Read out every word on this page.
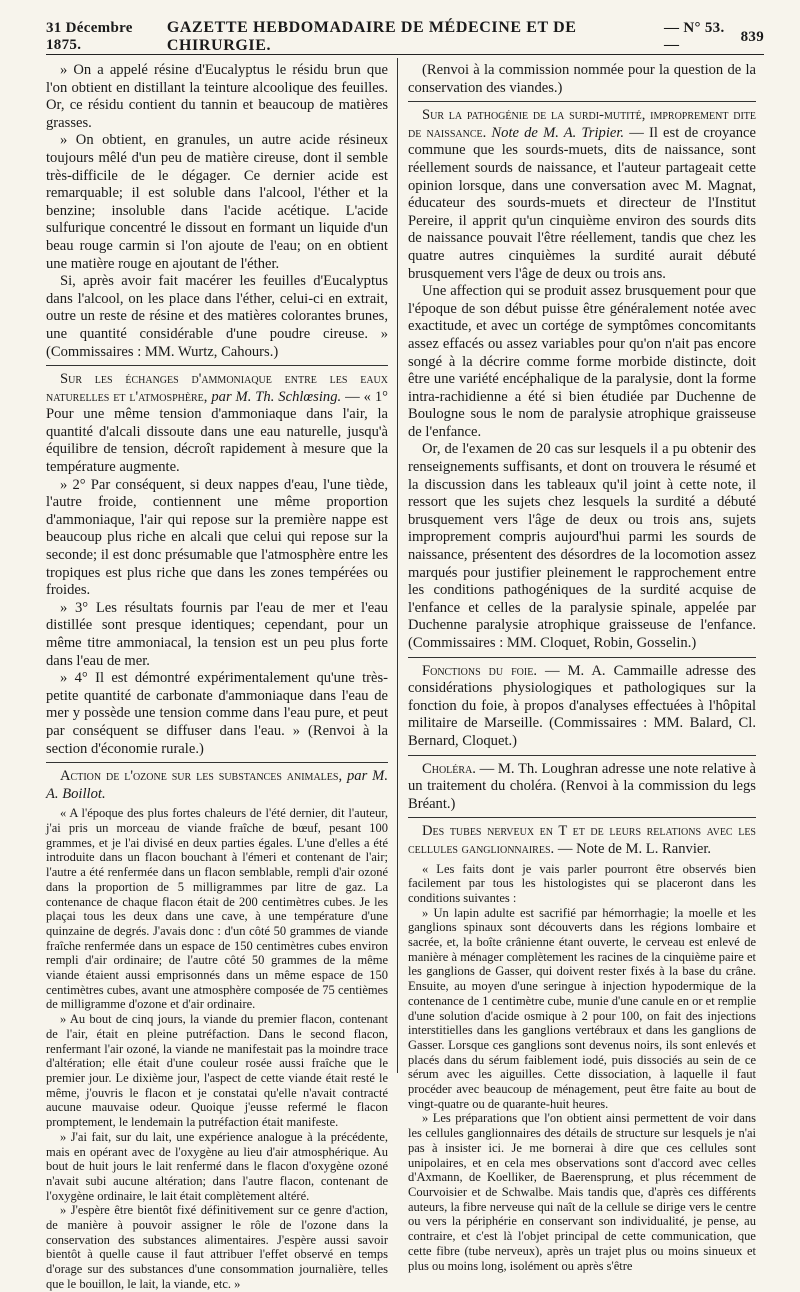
31 Décembre 1875.
GAZETTE HEBDOMADAIRE DE MÉDECINE ET DE CHIRURGIE.
— N° 53. —
839

» On a appelé résine d'Eucalyptus le résidu brun que l'on obtient en distillant la teinture alcoolique des feuilles. Or, ce résidu contient du tannin et beaucoup de matières grasses.

» On obtient, en granules, un autre acide résineux toujours mêlé d'un peu de matière cireuse, dont il semble très-difficile de le dégager. Ce dernier acide est remarquable; il est soluble dans l'alcool, l'éther et la benzine; insoluble dans l'acide acétique. L'acide sulfurique concentré le dissout en formant un liquide d'un beau rouge carmin si l'on ajoute de l'eau; on en obtient une matière rouge en ajoutant de l'éther.

Si, après avoir fait macérer les feuilles d'Eucalyptus dans l'alcool, on les place dans l'éther, celui-ci en extrait, outre un reste de résine et des matières colorantes brunes, une quantité considérable d'une poudre cireuse. » (Commissaires : MM. Wurtz, Cahours.)

Sur les échanges d'ammoniaque entre les eaux naturelles et l'atmosphère, par M. Th. Schlœsing. — « 1° Pour une même tension d'ammoniaque dans l'air, la quantité d'alcali dissoute dans une eau naturelle, jusqu'à équilibre de tension, décroît rapidement à mesure que la température augmente.

» 2° Par conséquent, si deux nappes d'eau, l'une tiède, l'autre froide, contiennent une même proportion d'ammoniaque, l'air qui repose sur la première nappe est beaucoup plus riche en alcali que celui qui repose sur la seconde; il est donc présumable que l'atmosphère entre les tropiques est plus riche que dans les zones tempérées ou froides.

» 3° Les résultats fournis par l'eau de mer et l'eau distillée sont presque identiques; cependant, pour un même titre ammoniacal, la tension est un peu plus forte dans l'eau de mer.

» 4° Il est démontré expérimentalement qu'une très-petite quantité de carbonate d'ammoniaque dans l'eau de mer y possède une tension comme dans l'eau pure, et peut par conséquent se diffuser dans l'eau. » (Renvoi à la section d'économie rurale.)

Action de l'ozone sur les substances animales, par M. A. Boillot.

« A l'époque des plus fortes chaleurs de l'été dernier, dit l'auteur, j'ai pris un morceau de viande fraîche de bœuf, pesant 100 grammes, et je l'ai divisé en deux parties égales. L'une d'elles a été introduite dans un flacon bouchant à l'émeri et contenant de l'air; l'autre a été renfermée dans un flacon semblable, rempli d'air ozoné dans la proportion de 5 milligrammes par litre de gaz. La contenance de chaque flacon était de 200 centimètres cubes. Je les plaçai tous les deux dans une cave, à une température d'une quinzaine de degrés. J'avais donc : d'un côté 50 grammes de viande fraîche renfermée dans un espace de 150 centimètres cubes environ rempli d'air ordinaire; de l'autre côté 50 grammes de la même viande étaient aussi emprisonnés dans un même espace de 150 centimètres cubes, avant une atmosphère composée de 75 centièmes de milligramme d'ozone et d'air ordinaire.

» Au bout de cinq jours, la viande du premier flacon, contenant de l'air, était en pleine putréfaction. Dans le second flacon, renfermant l'air ozoné, la viande ne manifestait pas la moindre trace d'altération; elle était d'une couleur rosée aussi fraîche que le premier jour. Le dixième jour, l'aspect de cette viande était resté le même, j'ouvris le flacon et je constatai qu'elle n'avait contracté aucune mauvaise odeur. Quoique j'eusse refermé le flacon promptement, le lendemain la putréfaction était manifeste.

» J'ai fait, sur du lait, une expérience analogue à la précédente, mais en opérant avec de l'oxygène au lieu d'air atmosphérique. Au bout de huit jours le lait renfermé dans le flacon d'oxygène ozoné n'avait subi aucune altération; dans l'autre flacon, contenant de l'oxygène ordinaire, le lait était complètement altéré.

» J'espère être bientôt fixé définitivement sur ce genre d'action, de manière à pouvoir assigner le rôle de l'ozone dans la conservation des substances alimentaires. J'espère aussi savoir bientôt à quelle cause il faut attribuer l'effet observé en temps d'orage sur des substances d'une consommation journalière, telles que le bouillon, le lait, la viande, etc. »

(Renvoi à la commission nommée pour la question de la conservation des viandes.)

Sur la pathogénie de la surdi-mutité, improprement dite de naissance. Note de M. A. Tripier. — Il est de croyance commune que les sourds-muets, dits de naissance, sont réellement sourds de naissance, et l'auteur partageait cette opinion lorsque, dans une conversation avec M. Magnat, éducateur des sourds-muets et directeur de l'Institut Pereire, il apprit qu'un cinquième environ des sourds dits de naissance pouvait l'être réellement, tandis que chez les quatre autres cinquièmes la surdité aurait débuté brusquement vers l'âge de deux ou trois ans.

Une affection qui se produit assez brusquement pour que l'époque de son début puisse être généralement notée avec exactitude, et avec un cortége de symptômes concomitants assez effacés ou assez variables pour qu'on n'ait pas encore songé à la décrire comme forme morbide distincte, doit être une variété encéphalique de la paralysie, dont la forme intra-rachidienne a été si bien étudiée par Duchenne de Boulogne sous le nom de paralysie atrophique graisseuse de l'enfance.

Or, de l'examen de 20 cas sur lesquels il a pu obtenir des renseignements suffisants, et dont on trouvera le résumé et la discussion dans les tableaux qu'il joint à cette note, il ressort que les sujets chez lesquels la surdité a débuté brusquement vers l'âge de deux ou trois ans, sujets improprement compris aujourd'hui parmi les sourds de naissance, présentent des désordres de la locomotion assez marqués pour justifier pleinement le rapprochement entre les conditions pathogéniques de la surdité acquise de l'enfance et celles de la paralysie spinale, appelée par Duchenne paralysie atrophique graisseuse de l'enfance. (Commissaires : MM. Cloquet, Robin, Gosselin.)

Fonctions du foie. — M. A. Cammaille adresse des considérations physiologiques et pathologiques sur la fonction du foie, à propos d'analyses effectuées à l'hôpital militaire de Marseille. (Commissaires : MM. Balard, Cl. Bernard, Cloquet.)

Choléra. — M. Th. Loughran adresse une note relative à un traitement du choléra. (Renvoi à la commission du legs Bréant.)

Des tubes nerveux en T et de leurs relations avec les cellules ganglionnaires. — Note de M. L. Ranvier.

« Les faits dont je vais parler pourront être observés bien facilement par tous les histologistes qui se placeront dans les conditions suivantes :

» Un lapin adulte est sacrifié par hémorrhagie; la moelle et les ganglions spinaux sont découverts dans les régions lombaire et sacrée, et, la boîte crânienne étant ouverte, le cerveau est enlevé de manière à ménager complètement les racines de la cinquième paire et les ganglions de Gasser, qui doivent rester fixés à la base du crâne. Ensuite, au moyen d'une seringue à injection hypodermique de la contenance de 1 centimètre cube, munie d'une canule en or et remplie d'une solution d'acide osmique à 2 pour 100, on fait des injections interstitielles dans les ganglions vertébraux et dans les ganglions de Gasser. Lorsque ces ganglions sont devenus noirs, ils sont enlevés et placés dans du sérum faiblement iodé, puis dissociés au sein de ce sérum avec les aiguilles. Cette dissociation, à laquelle il faut procéder avec beaucoup de ménagement, peut être faite au bout de vingt-quatre ou de quarante-huit heures.

» Les préparations que l'on obtient ainsi permettent de voir dans les cellules ganglionnaires des détails de structure sur lesquels je n'ai pas à insister ici. Je me bornerai à dire que ces cellules sont unipolaires, et en cela mes observations sont d'accord avec celles d'Axmann, de Koelliker, de Baerensprung, et plus récemment de Courvoisier et de Schwalbe. Mais tandis que, d'après ces différents auteurs, la fibre nerveuse qui naît de la cellule se dirige vers le centre ou vers la périphérie en conservant son individualité, je pense, au contraire, et c'est là l'objet principal de cette communication, que cette fibre (tube nerveux), après un trajet plus ou moins sinueux et plus ou moins long, isolément ou après s'être
